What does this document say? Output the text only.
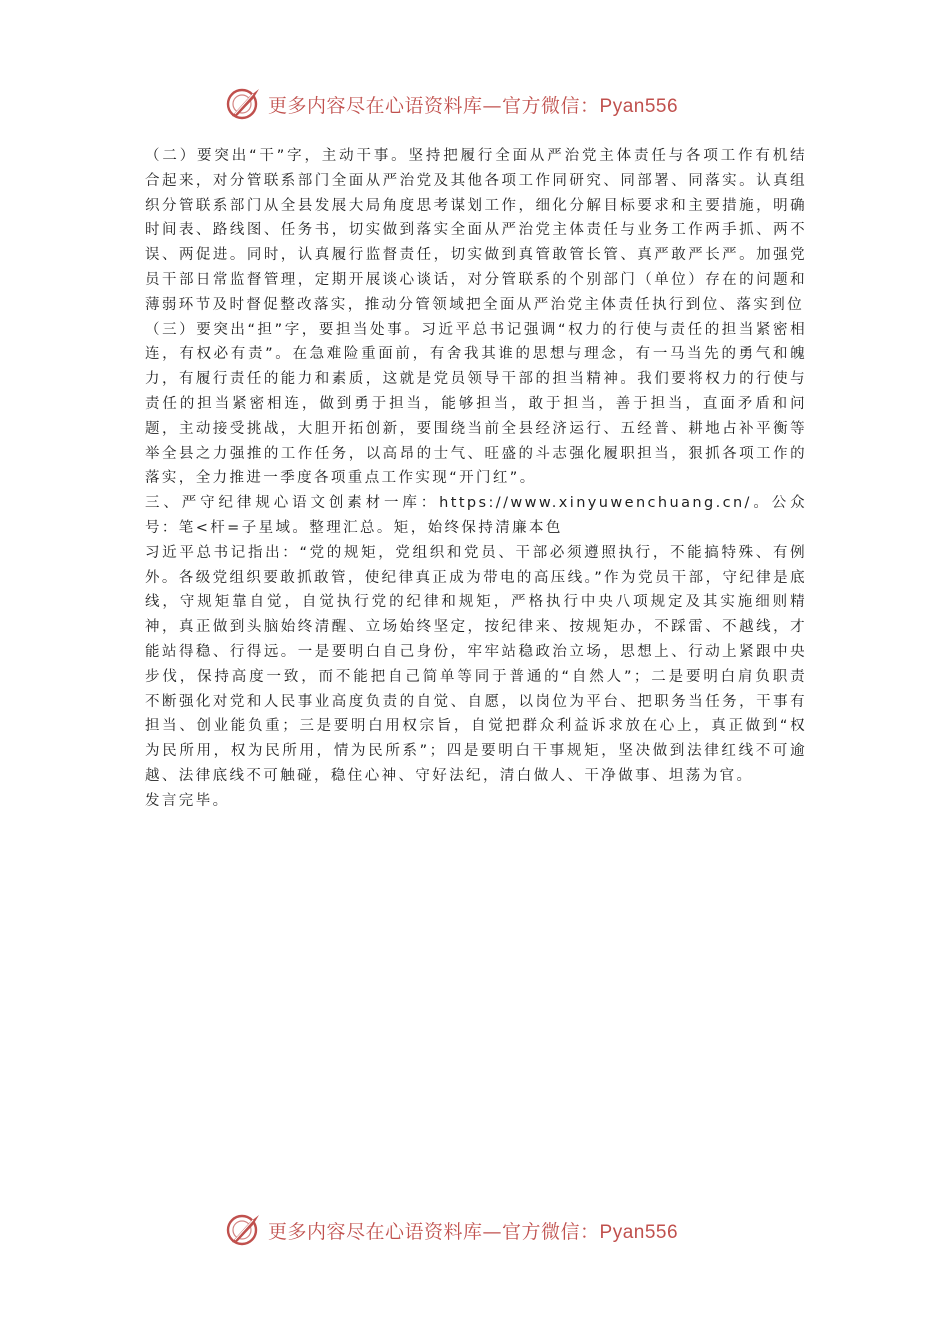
更多内容尽在心语资料库—官方微信：Pyan556

（二）要突出“干”字，主动干事。坚持把履行全面从严治党主体责任与各项工作有机结合起来，对分管联系部门全面从严治党及其他各项工作同研究、同部署、同落实。认真组织分管联系部门从全县发展大局角度思考谋划工作，细化分解目标要求和主要措施，明确时间表、路线图、任务书，切实做到落实全面从严治党主体责任与业务工作两手抓、两不误、两促进。同时，认真履行监督责任，切实做到真管敢管长管、真严敢严长严。加强党员干部日常监督管理，定期开展谈心谈话，对分管联系的个别部门（单位）存在的问题和薄弱环节及时督促整改落实，推动分管领域把全面从严治党主体责任执行到位、落实到位

（三）要突出“担”字，要担当处事。习近平总书记强调“权力的行使与责任的担当紧密相连，有权必有责”。在急难险重面前，有舍我其谁的思想与理念，有一马当先的勇气和魄力，有履行责任的能力和素质，这就是党员领导干部的担当精神。我们要将权力的行使与责任的担当紧密相连，做到勇于担当，能够担当，敢于担当，善于担当，直面矛盾和问题，主动接受挑战，大胆开拓创新，要围绕当前全县经济运行、五经普、耕地占补平衡等举全县之力强推的工作任务，以高昂的士气、旺盛的斗志强化履职担当，狠抓各项工作的落实，全力推进一季度各项重点工作实现“开门红”。

三、严守纪律规心语文创素材一库：https://www.xinyuwenchuang.cn/。公众号：笔<杆=子星域。整理汇总。矩，始终保持清廉本色

习近平总书记指出：“党的规矩，党组织和党员、干部必须遵照执行，不能搞特殊、有例外。各级党组织要敢抓敢管，使纪律真正成为带电的高压线。”作为党员干部，守纪律是底线，守规矩靠自觉，自觉执行党的纪律和规矩，严格执行中央八项规定及其实施细则精神，真正做到头脑始终清醒、立场始终坚定，按纪律来、按规矩办，不踩雷、不越线，才能站得稳、行得远。一是要明白自己身份，牢牢站稳政治立场，思想上、行动上紧跟中央步伐，保持高度一致，而不能把自己简单等同于普通的“自然人”；二是要明白肩负职责不断强化对党和人民事业高度负责的自觉、自愿，以岗位为平台、把职务当任务，干事有担当、创业能负重；三是要明白用权宗旨，自觉把群众利益诉求放在心上，真正做到“权为民所用，权为民所用，情为民所系”；四是要明白干事规矩，坚决做到法律红线不可逾越、法律底线不可触碰，稳住心神、守好法纪，清白做人、干净做事、坦荡为官。

发言完毕。

更多内容尽在心语资料库—官方微信：Pyan556
